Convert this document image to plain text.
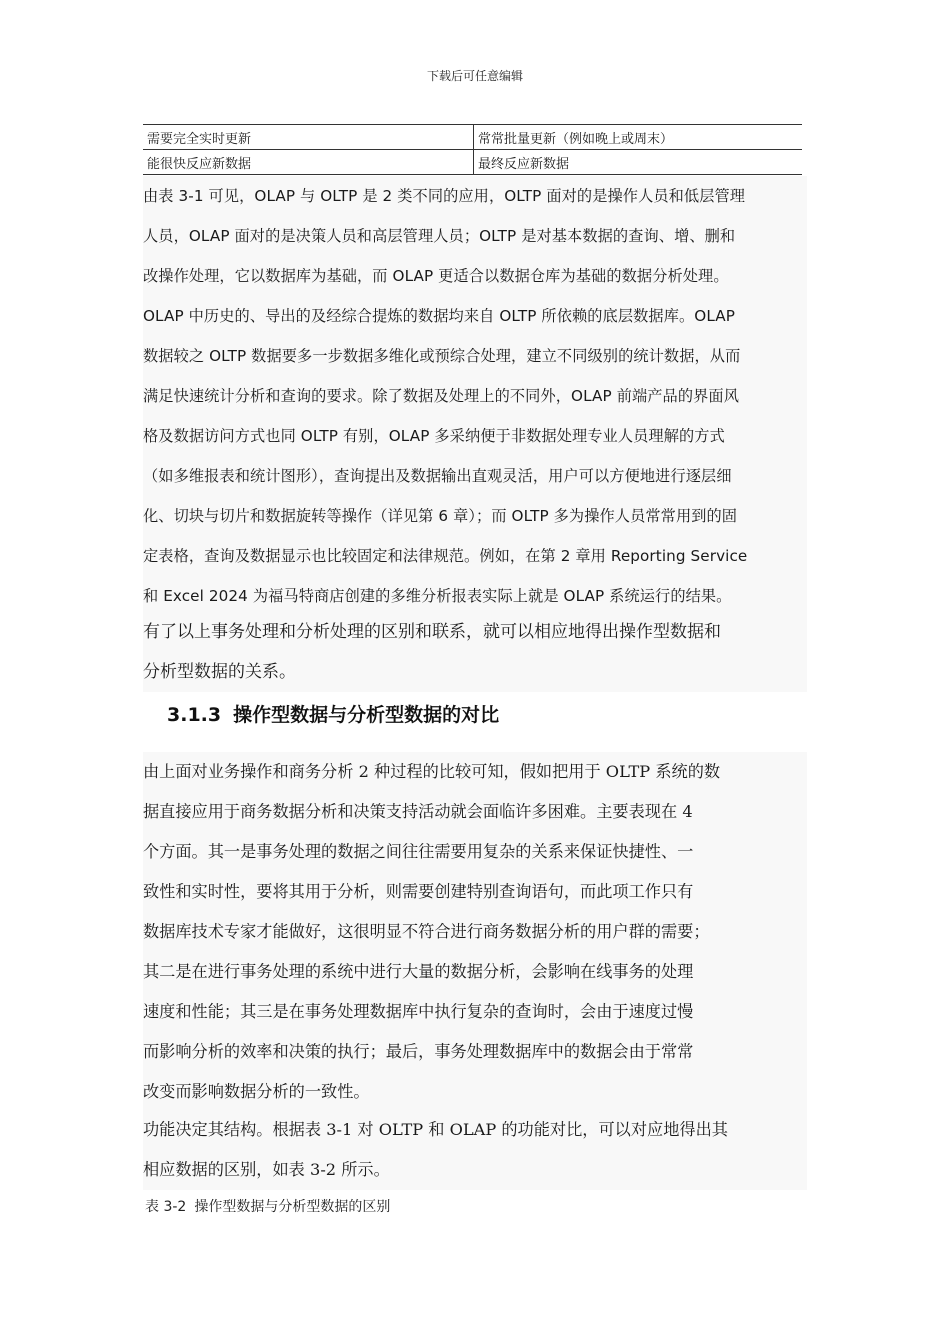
下载后可任意编辑
需要完全实时更新	常常批量更新（例如晚上或周末）
能很快反应新数据	最终反应新数据
由表 3-1 可见，OLAP 与 OLTP 是 2 类不同的应用，OLTP 面对的是操作人员和低层管理
人员，OLAP 面对的是决策人员和高层管理人员；OLTP 是对基本数据的查询、增、删和
改操作处理，它以数据库为基础，而 OLAP 更适合以数据仓库为基础的数据分析处理。
OLAP 中历史的、导出的及经综合提炼的数据均来自 OLTP 所依赖的底层数据库。OLAP
数据较之 OLTP 数据要多一步数据多维化或预综合处理，建立不同级别的统计数据，从而
满足快速统计分析和查询的要求。除了数据及处理上的不同外，OLAP 前端产品的界面风
格及数据访问方式也同 OLTP 有别，OLAP 多采纳便于非数据处理专业人员理解的方式
（如多维报表和统计图形），查询提出及数据输出直观灵活，用户可以方便地进行逐层细
化、切块与切片和数据旋转等操作（详见第 6 章）；而 OLTP 多为操作人员常常用到的固
定表格，查询及数据显示也比较固定和法律规范。例如，在第 2 章用 Reporting Service
和 Excel 2024 为福马特商店创建的多维分析报表实际上就是 OLAP 系统运行的结果。
有了以上事务处理和分析处理的区别和联系，就可以相应地得出操作型数据和
分析型数据的关系。
3.1.3 操作型数据与分析型数据的对比
由上面对业务操作和商务分析 2 种过程的比较可知，假如把用于 OLTP 系统的数
据直接应用于商务数据分析和决策支持活动就会面临许多困难。主要表现在 4
个方面。其一是事务处理的数据之间往往需要用复杂的关系来保证快捷性、一
致性和实时性，要将其用于分析，则需要创建特别查询语句，而此项工作只有
数据库技术专家才能做好，这很明显不符合进行商务数据分析的用户群的需要；
其二是在进行事务处理的系统中进行大量的数据分析，会影响在线事务的处理
速度和性能；其三是在事务处理数据库中执行复杂的查询时，会由于速度过慢
而影响分析的效率和决策的执行；最后，事务处理数据库中的数据会由于常常
改变而影响数据分析的一致性。
功能决定其结构。根据表 3-1 对 OLTP 和 OLAP 的功能对比，可以对应地得出其
相应数据的区别，如表 3-2 所示。
表 3-2 操作型数据与分析型数据的区别
